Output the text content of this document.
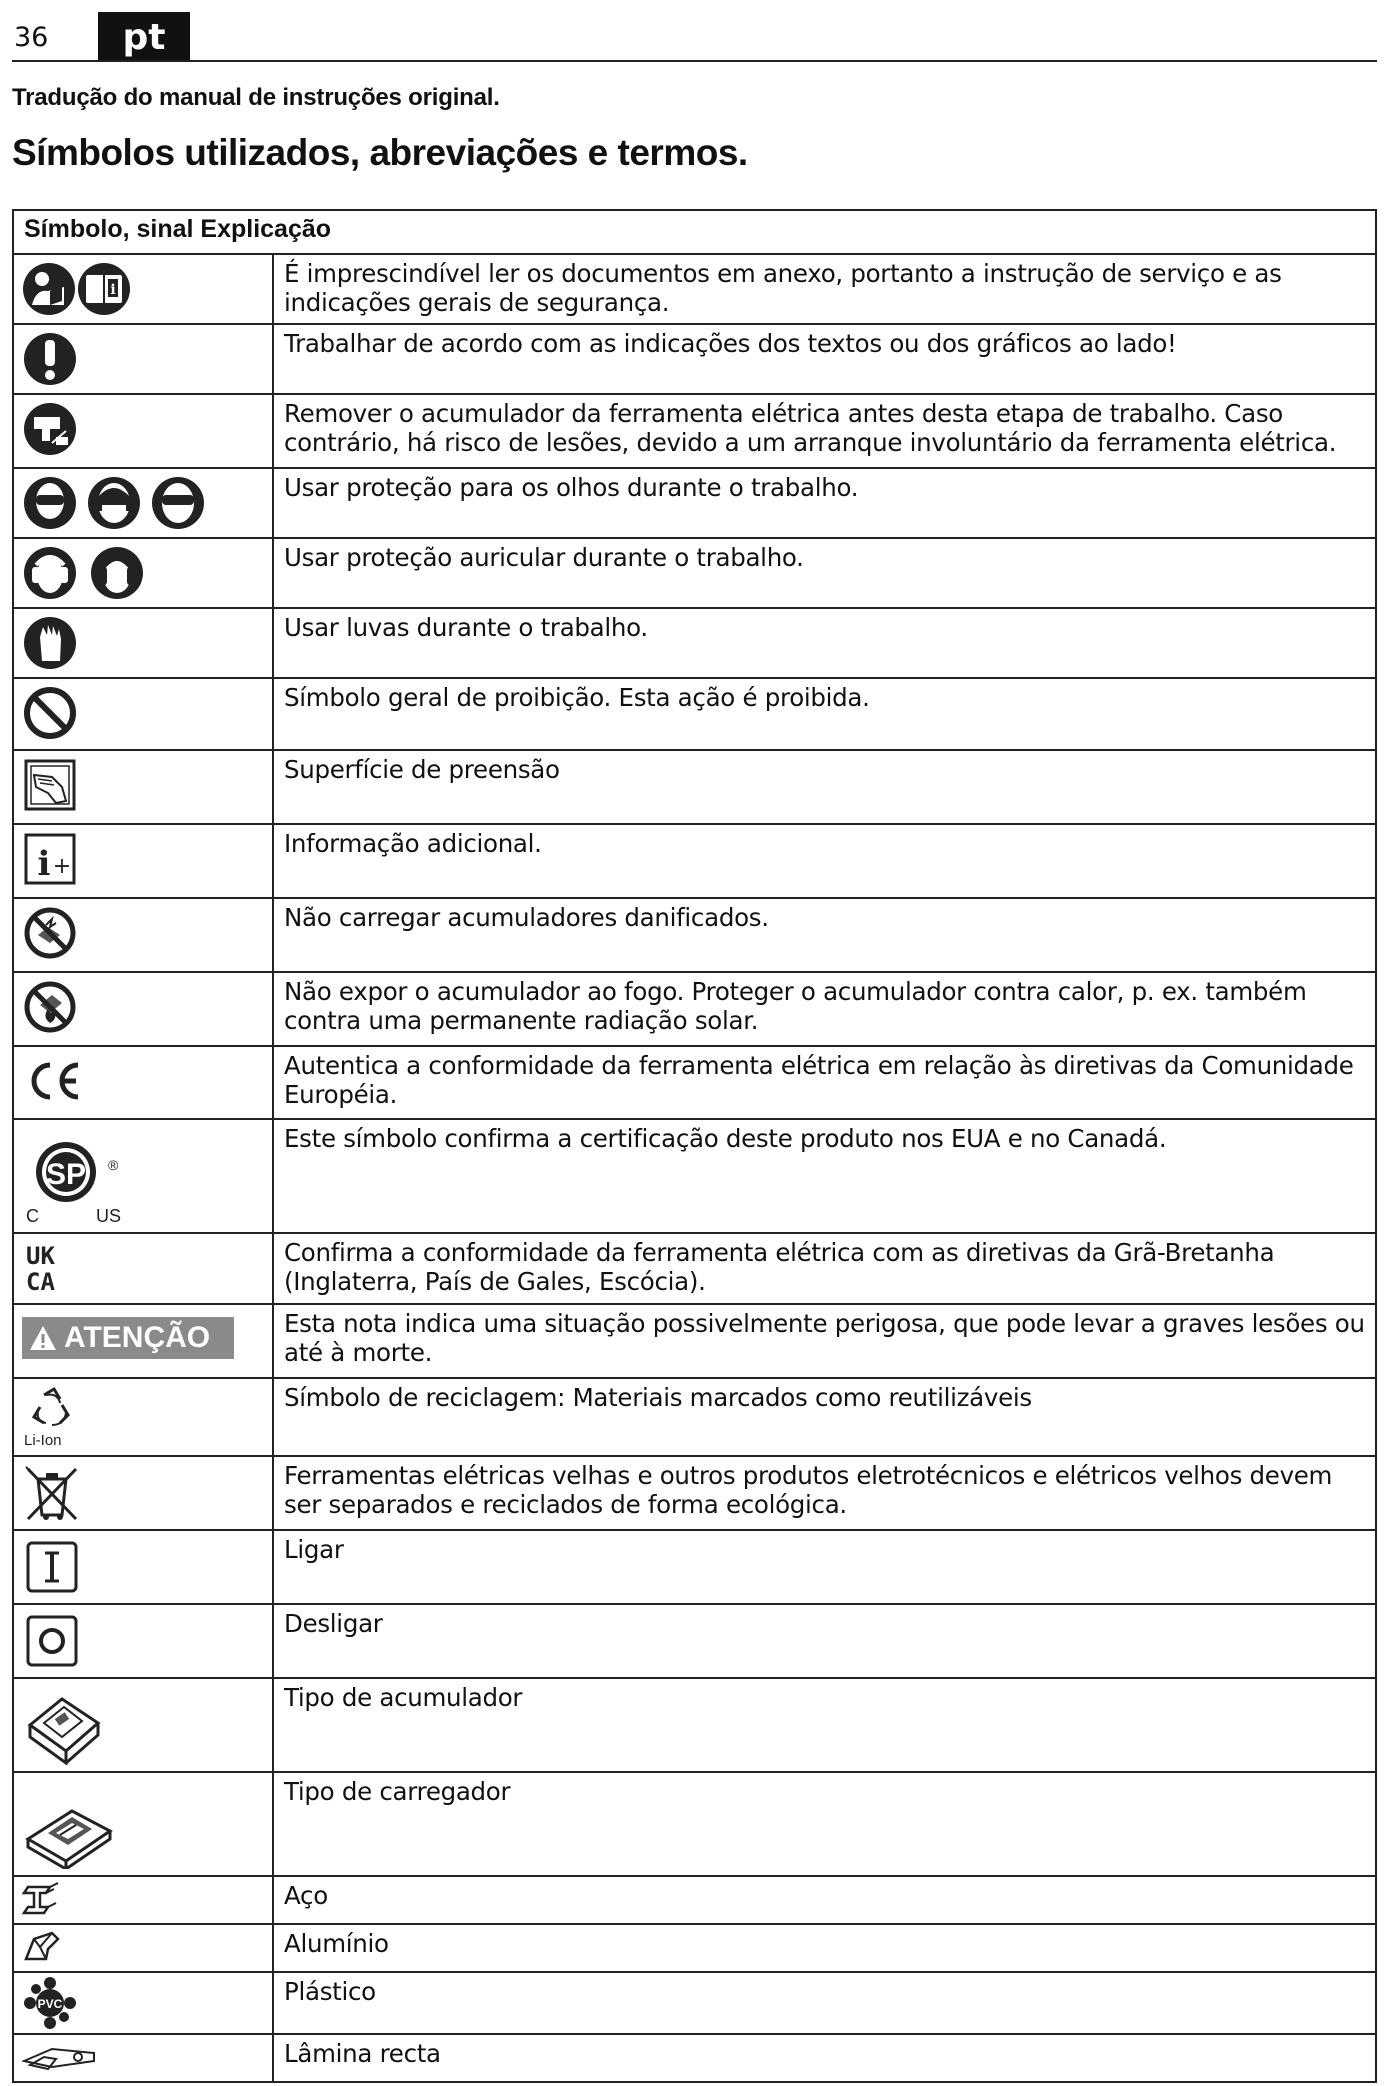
36	pt
Tradução do manual de instruções original.
Símbolos utilizados, abreviações e termos.
Símbolo, sinal Explicação	

i	É imprescindível ler os documentos em anexo, portanto a instrução de serviço e as indicações gerais de segurança.

	Trabalhar de acordo com as indicações dos textos ou dos gráficos ao lado!

	Remover o acumulador da ferramenta elétrica antes desta etapa de trabalho. Caso contrário, há risco de lesões, devido a um arranque involuntário da ferramenta elétrica.

	Usar proteção para os olhos durante o trabalho.

	Usar proteção auricular durante o trabalho.

	Usar luvas durante o trabalho.

	Símbolo geral de proibição. Esta ação é proibida.

	Superfície de preensão

i +	Informação adicional.

	Não carregar acumuladores danificados.

	Não expor o acumulador ao fogo. Proteger o acumulador contra calor, p. ex. também contra uma permanente radiação solar.

	Autentica a conformidade da ferramenta elétrica em relação às diretivas da Comunidade Européia.

SP
C US
®	Este símbolo confirma a certificação deste produto nos EUA e no Canadá.

UK
CA	Confirma a conformidade da ferramenta elétrica com as diretivas da Grã-Bretanha (Inglaterra, País de Gales, Escócia).

ATENÇÃO	Esta nota indica uma situação possivelmente perigosa, que pode levar a graves lesões ou até à morte.

Li-Ion	Símbolo de reciclagem: Materiais marcados como reutilizáveis

	Ferramentas elétricas velhas e outros produtos eletrotécnicos e elétricos velhos devem ser separados e reciclados de forma ecológica.

	Ligar

	Desligar

	Tipo de acumulador

	Tipo de carregador

	Aço

	Alumínio

PVC	Plástico

	Lâmina recta
